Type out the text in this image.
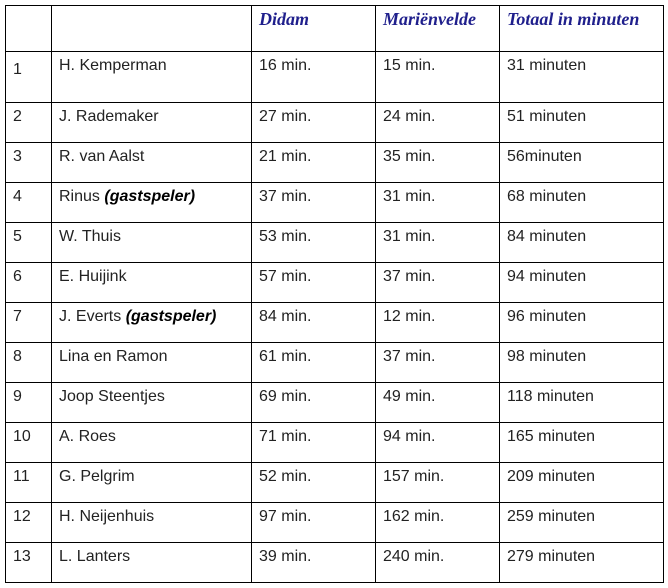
		Didam	Mariënvelde	Totaal in minuten
1	H. Kemperman	16 min.	15 min.	31 minuten
2	J. Rademaker	27 min.	24 min.	51 minuten
3	R. van Aalst	21 min.	35 min.	56minuten
4	Rinus (gastspeler)	37 min.	31 min.	68 minuten
5	W. Thuis	53 min.	31 min.	84 minuten
6	E. Huijink	57 min.	37 min.	94 minuten
7	J. Everts (gastspeler)	84 min.	12 min.	96 minuten
8	Lina en Ramon	61 min.	37 min.	98 minuten
9	Joop Steentjes	69 min.	49 min.	118 minuten
10	A. Roes	71 min.	94 min.	165 minuten
11	G. Pelgrim	52 min.	157 min.	209 minuten
12	H. Neijenhuis	97 min.	162 min.	259 minuten
13	L. Lanters	39 min.	240 min.	279 minuten
